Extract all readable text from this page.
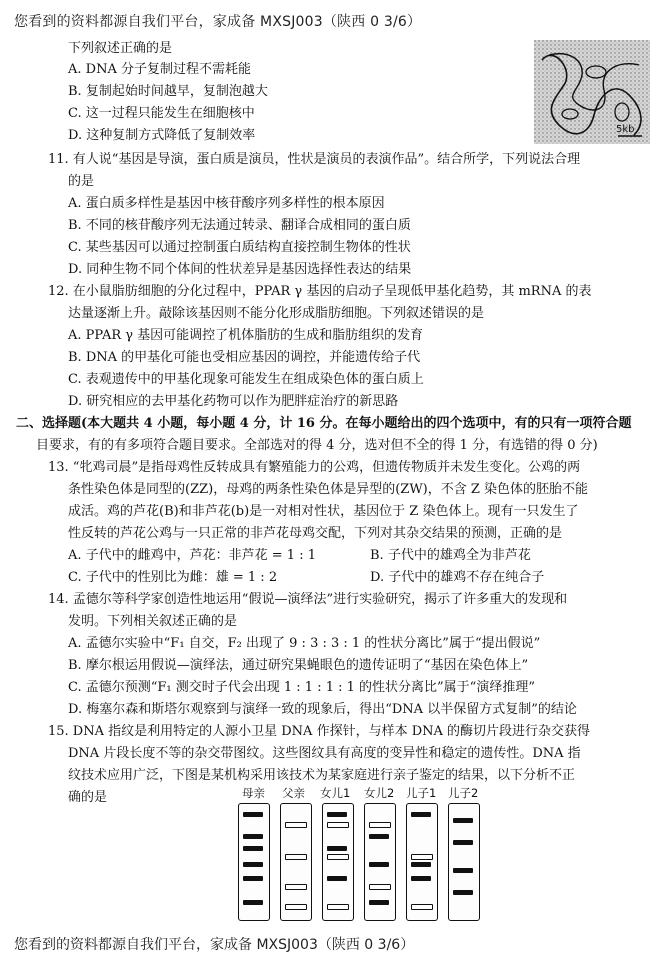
您看到的资料都源自我们平台，家成备 MXSJ003（陕西 0 3/6）
下列叙述正确的是
A. DNA 分子复制过程不需耗能
B. 复制起始时间越早，复制泡越大
C. 这一过程只能发生在细胞核中
D. 这种复制方式降低了复制效率	5kb
11. 有人说“基因是导演，蛋白质是演员，性状是演员的表演作品”。结合所学，下列说法合理
的是
A. 蛋白质多样性是基因中核苷酸序列多样性的根本原因
B. 不同的核苷酸序列无法通过转录、翻译合成相同的蛋白质
C. 某些基因可以通过控制蛋白质结构直接控制生物体的性状
D. 同种生物不同个体间的性状差异是基因选择性表达的结果
12. 在小鼠脂肪细胞的分化过程中，PPAR γ 基因的启动子呈现低甲基化趋势，其 mRNA 的表
达量逐渐上升。敲除该基因则不能分化形成脂肪细胞。下列叙述错误的是
A. PPAR γ 基因可能调控了机体脂肪的生成和脂肪组织的发育
B. DNA 的甲基化可能也受相应基因的调控，并能遗传给子代
C. 表观遗传中的甲基化现象可能发生在组成染色体的蛋白质上
D. 研究相应的去甲基化药物可以作为肥胖症治疗的新思路
二、选择题(本大题共 4 小题，每小题 4 分，计 16 分。在每小题给出的四个选项中，有的只有一项符合题
目要求，有的有多项符合题目要求。全部选对的得 4 分，选对但不全的得 1 分，有选错的得 0 分)
13. “牝鸡司晨”是指母鸡性反转成具有繁殖能力的公鸡，但遗传物质并未发生变化。公鸡的两
条性染色体是同型的(ZZ)，母鸡的两条性染色体是异型的(ZW)，不含 Z 染色体的胚胎不能
成活。鸡的芦花(B)和非芦花(b)是一对相对性状，基因位于 Z 染色体上。现有一只发生了
性反转的芦花公鸡与一只正常的非芦花母鸡交配，下列对其杂交结果的预测，正确的是
A. 子代中的雌鸡中，芦花：非芦花 = 1 : 1	B. 子代中的雄鸡全为非芦花
C. 子代中的性别比为雌：雄 = 1 : 2	D. 子代中的雄鸡不存在纯合子
14. 孟德尔等科学家创造性地运用“假说—演绎法”进行实验研究，揭示了许多重大的发现和
发明。下列相关叙述正确的是
A. 孟德尔实验中“F₁ 自交，F₂ 出现了 9 : 3 : 3 : 1 的性状分离比”属于“提出假说”
B. 摩尔根运用假说—演绎法，通过研究果蝇眼色的遗传证明了“基因在染色体上”
C. 孟德尔预测“F₁ 测交时子代会出现 1 : 1 : 1 : 1 的性状分离比”属于“演绎推理”
D. 梅塞尔森和斯塔尔观察到与演绎一致的现象后，得出“DNA 以半保留方式复制”的结论
15. DNA 指纹是利用特定的人源小卫星 DNA 作探针，与样本 DNA 的酶切片段进行杂交获得
DNA 片段长度不等的杂交带图纹。这些图纹具有高度的变异性和稳定的遗传性。DNA 指
纹技术应用广泛，下图是某机构采用该技术为某家庭进行亲子鉴定的结果，以下分析不正
确的是	母亲 父亲 女儿1 女儿2 儿子1 儿子2
您看到的资料都源自我们平台，家成备 MXSJ003（陕西 0 3/6）
